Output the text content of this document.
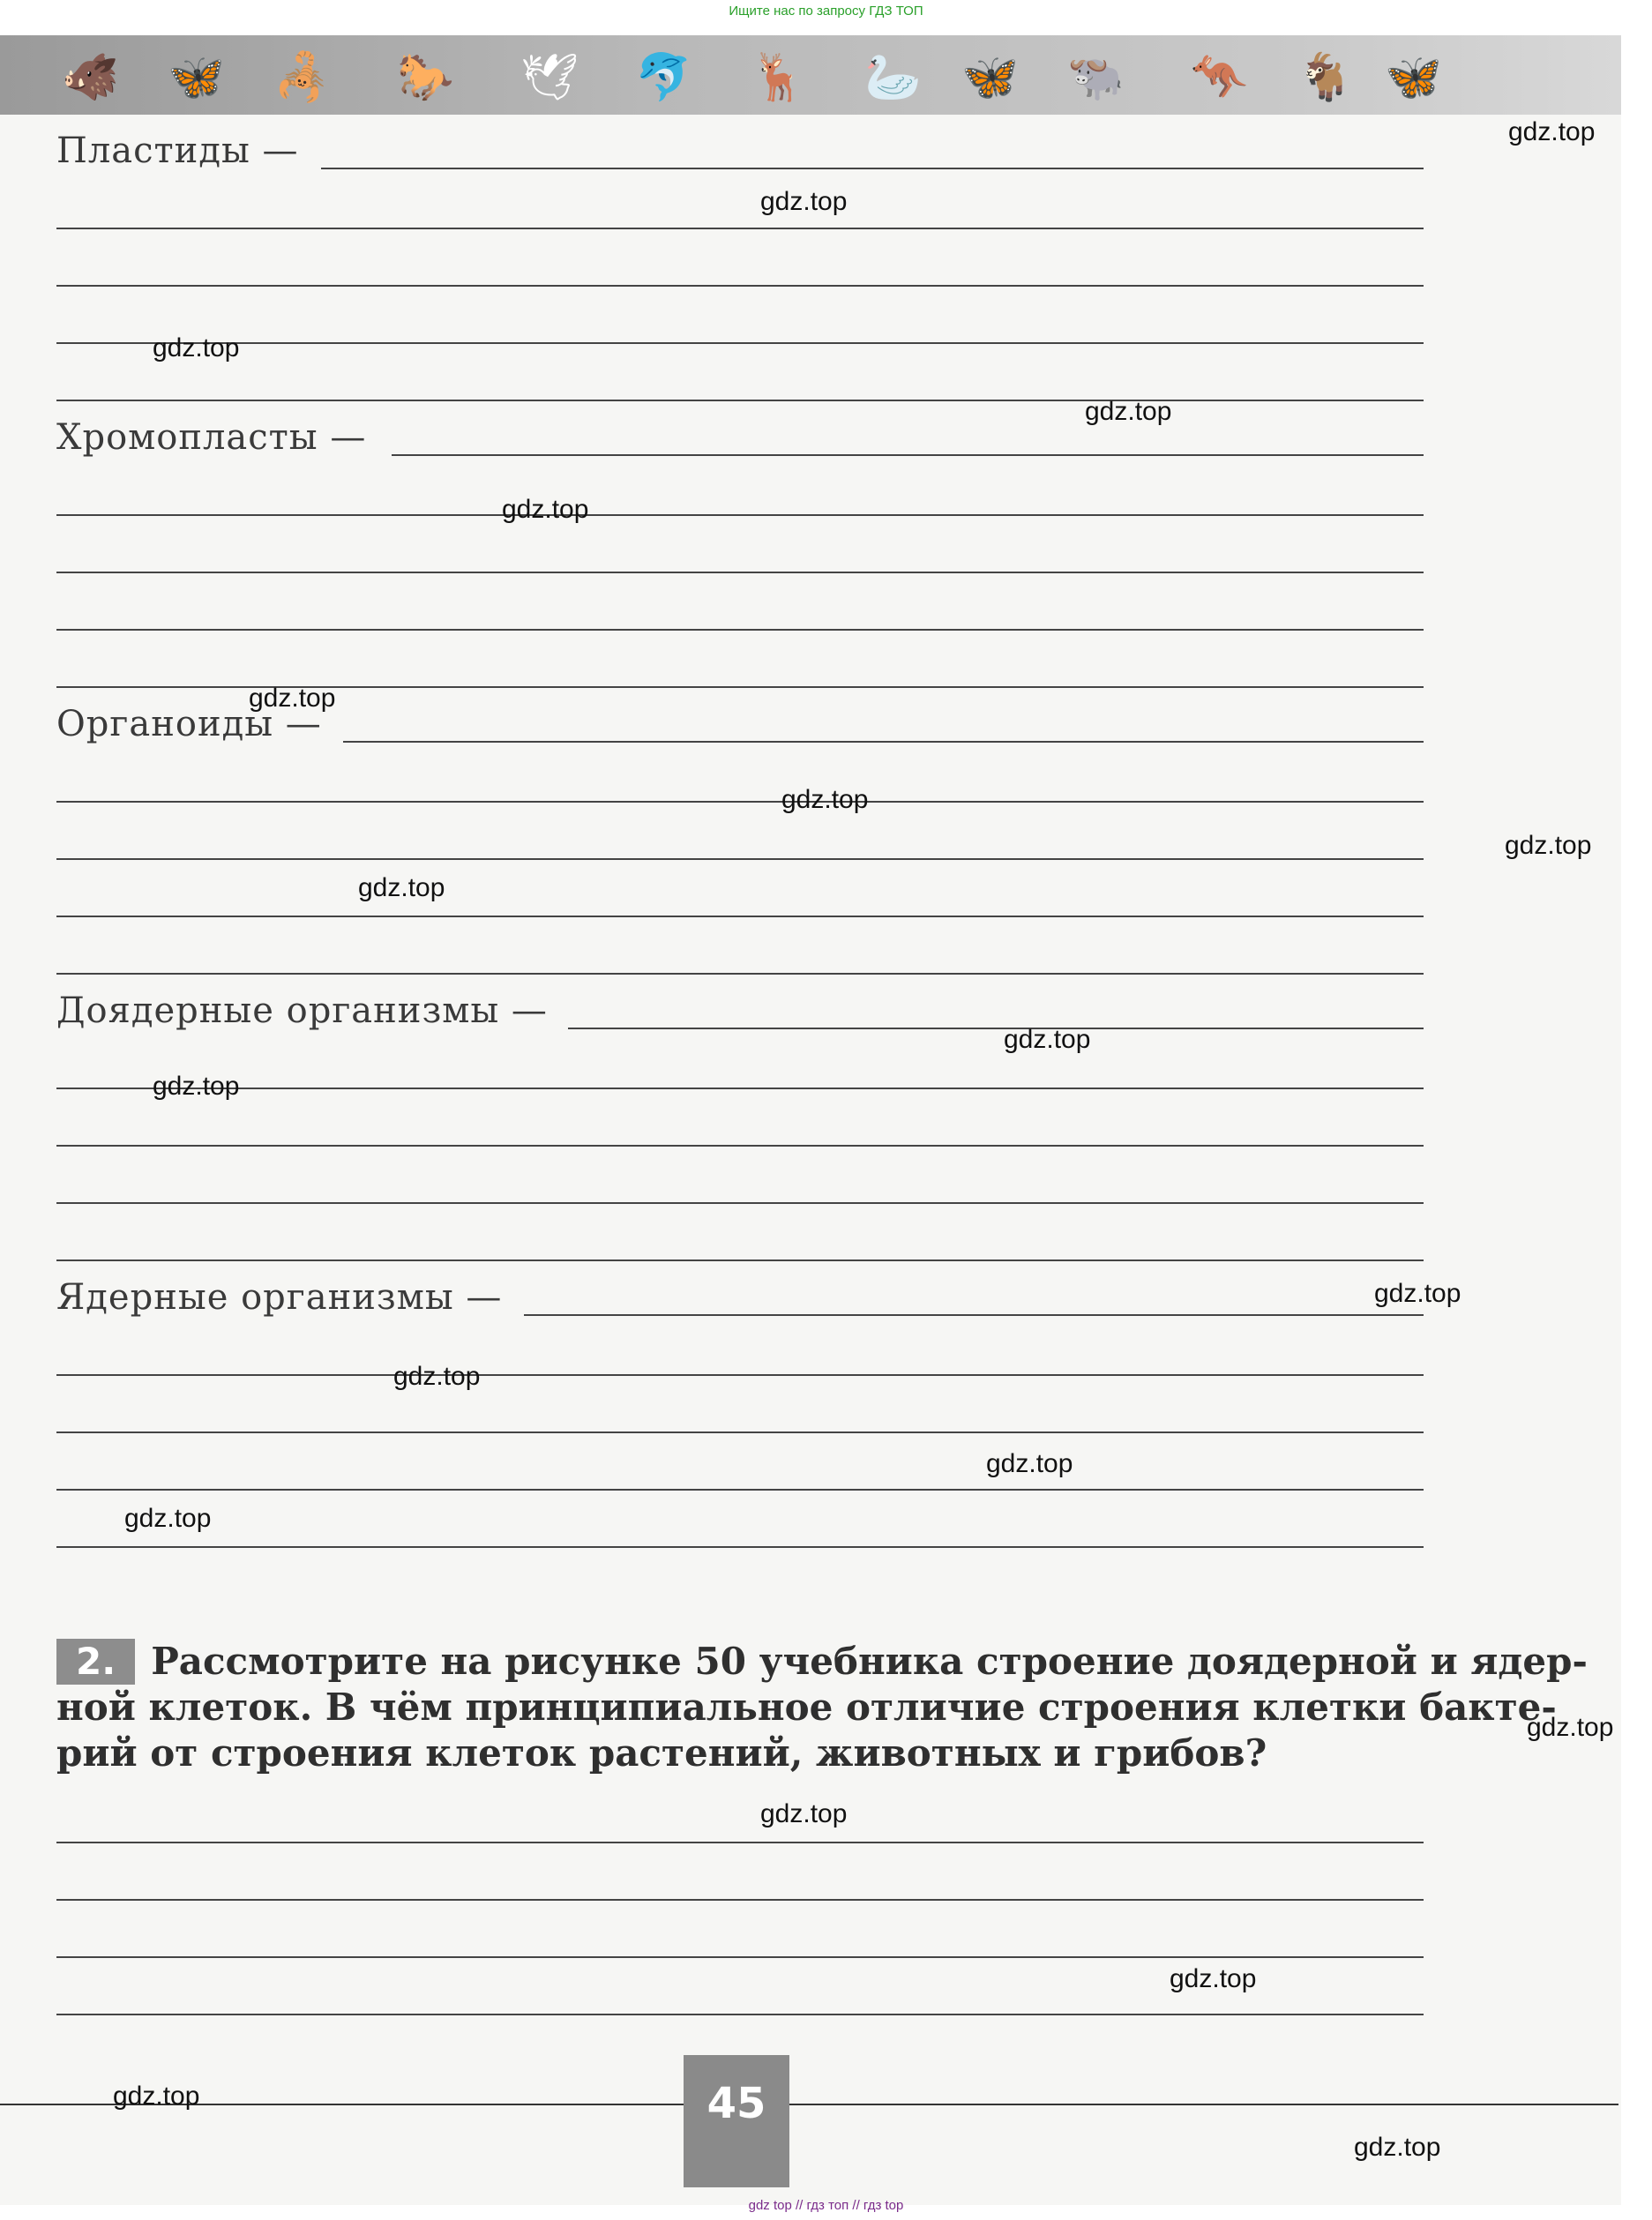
Ищите нас по запросу ГДЗ ТОП
🐗 🦋 🦂 🐎 🕊 🐬 🦌 🦢 🦋 🐃 🦘 🐐 🦋
Пластиды —
Хромопласты —
Органоиды —
Доядерные организмы —
Ядерные организмы —
2. Рассмотрите на рисунке 50 учебника строение доядерной и ядер-
ной клеток. В чём принципиальное отличие строения клетки бакте-
рий от строения клеток растений, животных и грибов?
45
gdz.top
gdz.top
gdz.top
gdz.top
gdz.top
gdz.top
gdz.top
gdz.top
gdz.top
gdz.top
gdz.top
gdz.top
gdz.top
gdz.top
gdz.top
gdz.top
gdz.top
gdz.top
gdz.top
gdz.top
gdz top // гдз топ // гдз top
